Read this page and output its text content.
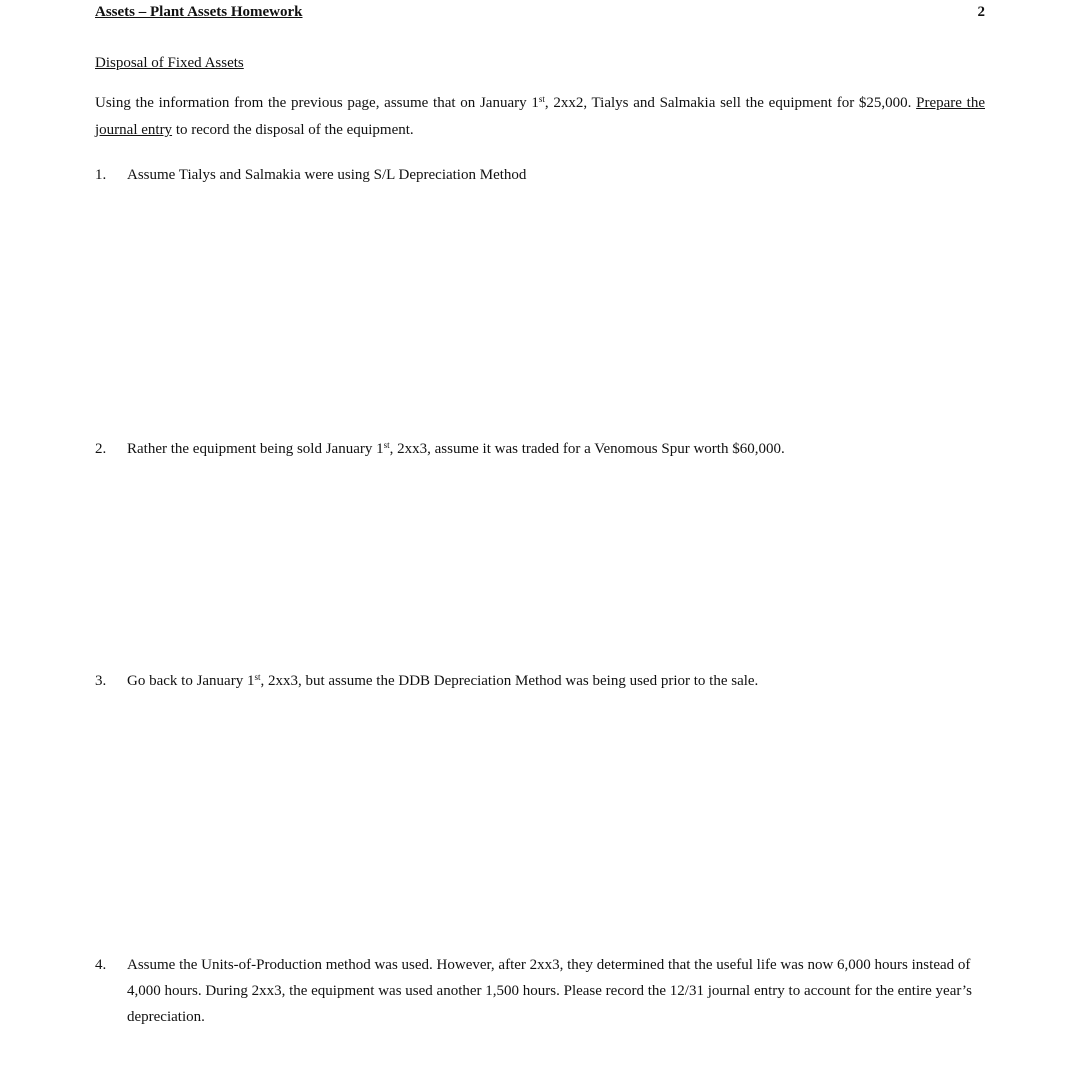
Assets – Plant Assets Homework	2
Disposal of Fixed Assets
Using the information from the previous page, assume that on January 1st, 2xx2, Tialys and Salmakia sell the equipment for $25,000. Prepare the journal entry to record the disposal of the equipment.
1. Assume Tialys and Salmakia were using S/L Depreciation Method
2. Rather the equipment being sold January 1st, 2xx3, assume it was traded for a Venomous Spur worth $60,000.
3. Go back to January 1st, 2xx3, but assume the DDB Depreciation Method was being used prior to the sale.
4. Assume the Units-of-Production method was used. However, after 2xx3, they determined that the useful life was now 6,000 hours instead of 4,000 hours. During 2xx3, the equipment was used another 1,500 hours. Please record the 12/31 journal entry to account for the entire year’s depreciation.
